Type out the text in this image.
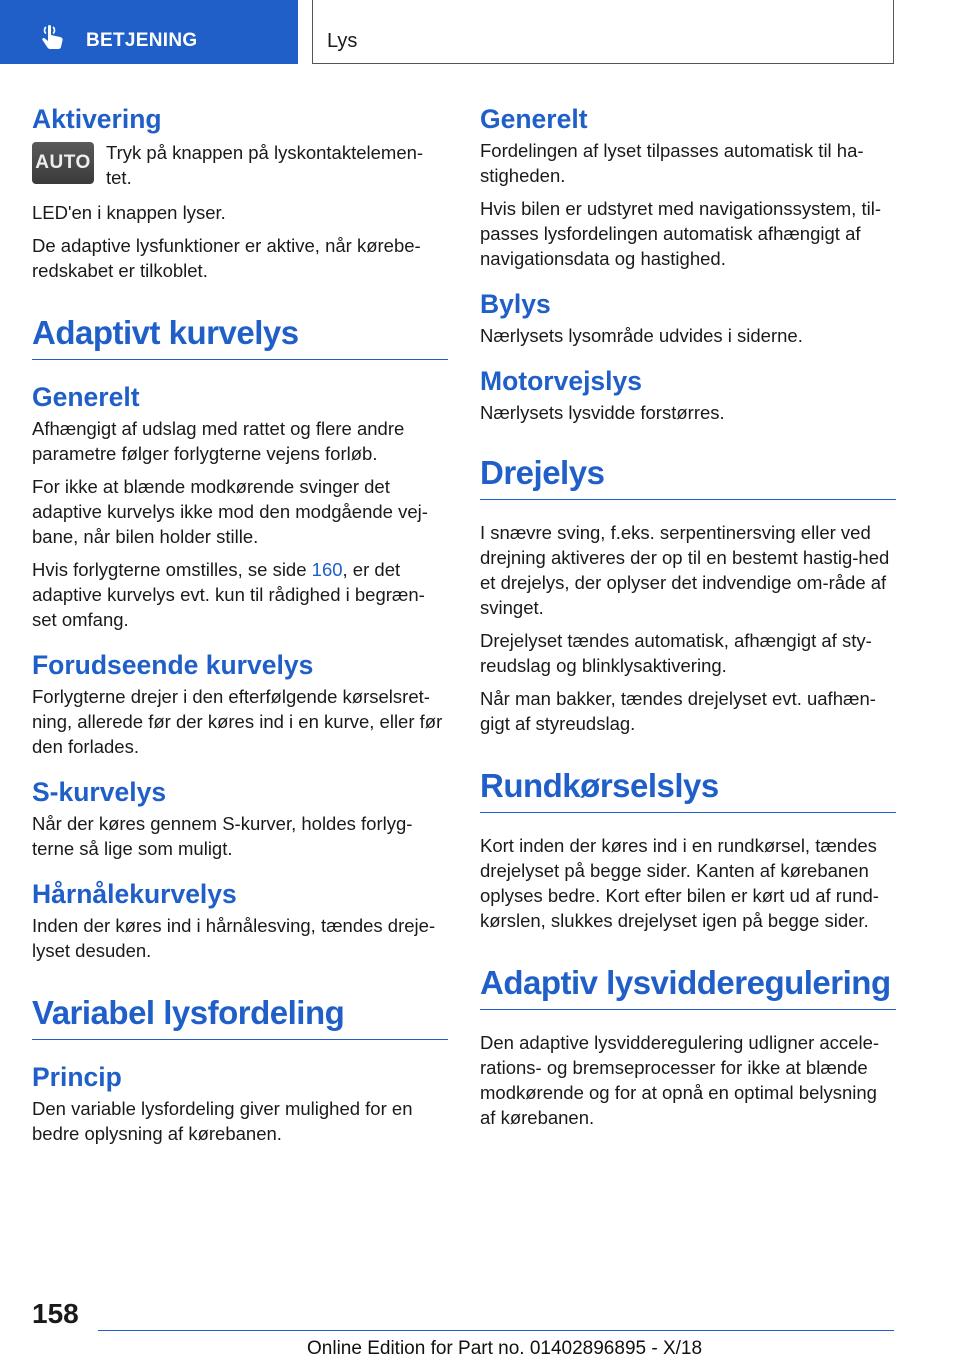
BETJENING	Lys
Aktivering
AUTO Tryk på knappen på lyskontaktelemen-tet.

LED'en i knappen lyser.

De adaptive lysfunktioner er aktive, når kørebe-redskabet er tilkoblet.

Adaptivt kurvelys
Generelt

Afhængigt af udslag med rattet og flere andre parametre følger forlygterne vejens forløb.

For ikke at blænde modkørende svinger det adaptive kurvelys ikke mod den modgående vej-bane, når bilen holder stille.

Hvis forlygterne omstilles, se side 160, er det adaptive kurvelys evt. kun til rådighed i begræn-set omfang.

Forudseende kurvelys

Forlygterne drejer i den efterfølgende kørselsret-ning, allerede før der køres ind i en kurve, eller før den forlades.

S-kurvelys

Når der køres gennem S-kurver, holdes forlyg-terne så lige som muligt.

Hårnålekurvelys

Inden der køres ind i hårnålesving, tændes dreje-lyset desuden.

Variabel lysfordeling
Princip

Den variable lysfordeling giver mulighed for en bedre oplysning af kørebanen.

Generelt

Fordelingen af lyset tilpasses automatisk til ha-stigheden.

Hvis bilen er udstyret med navigationssystem, til-passes lysfordelingen automatisk afhængigt af navigationsdata og hastighed.

Bylys

Nærlysets lysområde udvides i siderne.

Motorvejslys

Nærlysets lysvidde forstørres.

Drejelys

I snævre sving, f.eks. serpentinersving eller ved drejning aktiveres der op til en bestemt hastig-hed et drejelys, der oplyser det indvendige om-råde af svinget.

Drejelyset tændes automatisk, afhængigt af sty-reudslag og blinklysaktivering.

Når man bakker, tændes drejelyset evt. uafhæn-gigt af styreudslag.

Rundkørselslys

Kort inden der køres ind i en rundkørsel, tændes drejelyset på begge sider. Kanten af kørebanen oplyses bedre. Kort efter bilen er kørt ud af rund-kørslen, slukkes drejelyset igen på begge sider.

Adaptiv lysvidderegulering

Den adaptive lysvidderegulering udligner accele-rations- og bremseprocesser for ikke at blænde modkørende og for at opnå en optimal belysning af kørebanen.

158
Online Edition for Part no. 01402896895 - X/18
